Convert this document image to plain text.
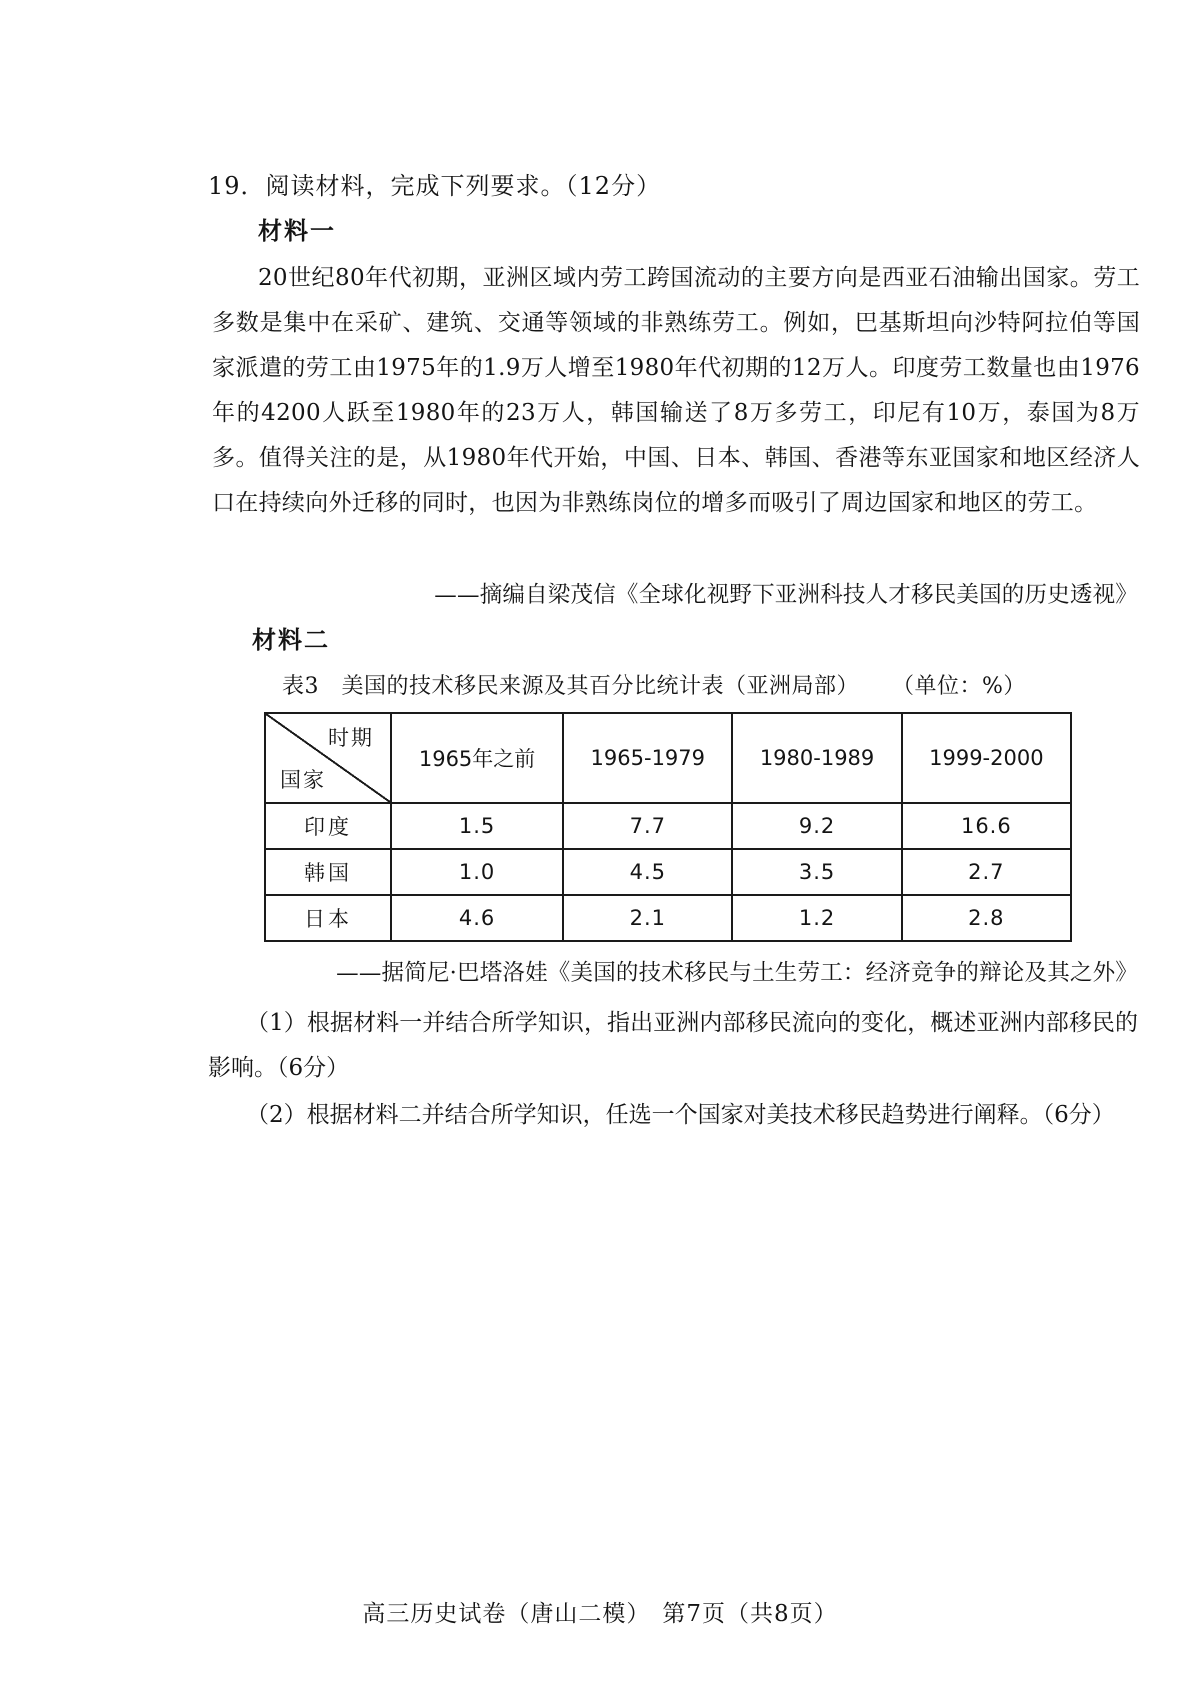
19．阅读材料，完成下列要求。（12分）
材料一
20世纪80年代初期，亚洲区域内劳工跨国流动的主要方向是西亚石油输出国家。劳工多数是集中在采矿、建筑、交通等领域的非熟练劳工。例如，巴基斯坦向沙特阿拉伯等国家派遣的劳工由1975年的1.9万人增至1980年代初期的12万人。印度劳工数量也由1976年的4200人跃至1980年的23万人，韩国输送了8万多劳工，印尼有10万，泰国为8万多。值得关注的是，从1980年代开始，中国、日本、韩国、香港等东亚国家和地区经济人口在持续向外迁移的同时，也因为非熟练岗位的增多而吸引了周边国家和地区的劳工。
——摘编自梁茂信《全球化视野下亚洲科技人才移民美国的历史透视》
材料二
表3　美国的技术移民来源及其百分比统计表（亚洲局部） （单位：%）
时期
国家	1965年之前	1965-1979	1980-1989	1999-2000
印度	1.5	7.7	9.2	16.6
韩国	1.0	4.5	3.5	2.7
日本	4.6	2.1	1.2	2.8
——据简尼·巴塔洛娃《美国的技术移民与土生劳工：经济竞争的辩论及其之外》
（1）根据材料一并结合所学知识，指出亚洲内部移民流向的变化，概述亚洲内部移民的影响。（6分）
（2）根据材料二并结合所学知识，任选一个国家对美技术移民趋势进行阐释。（6分）
高三历史试卷（唐山二模） 第7页（共8页）
